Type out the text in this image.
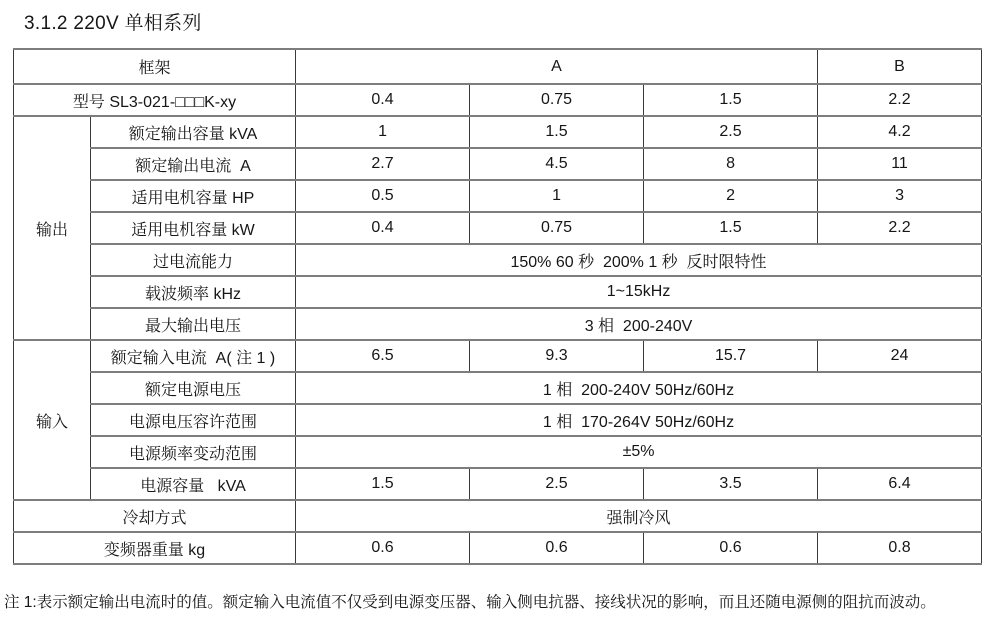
3.1.2 220V 单相系列
框架		A			B
型号 SL3-021-□□□K-xy		0.4	0.75	1.5	2.2
输出	额定输出容量 kVA	1	1.5	2.5	4.2
	额定输出电流  A	2.7	4.5	8	11
	适用电机容量 HP	0.5	1	2	3
	适用电机容量 kW	0.4	0.75	1.5	2.2
	过电流能力	150% 60 秒  200% 1 秒  反时限特性			
	载波频率 kHz	1~15kHz			
	最大输出电压	3 相  200-240V			
输入	额定输入电流  A( 注 1 )	6.5	9.3	15.7	24
	额定电源电压	1 相  200-240V 50Hz/60Hz			
	电源电压容许范围	1 相  170-264V 50Hz/60Hz			
	电源频率变动范围	±5%			
	电源容量   kVA	1.5	2.5	3.5	6.4
冷却方式		强制冷风			
变频器重量 kg		0.6	0.6	0.6	0.8
注 1:表示额定输出电流时的值。额定输入电流值不仅受到电源变压器、输入侧电抗器、接线状况的影响，而且还随电源侧的阻抗而波动。
